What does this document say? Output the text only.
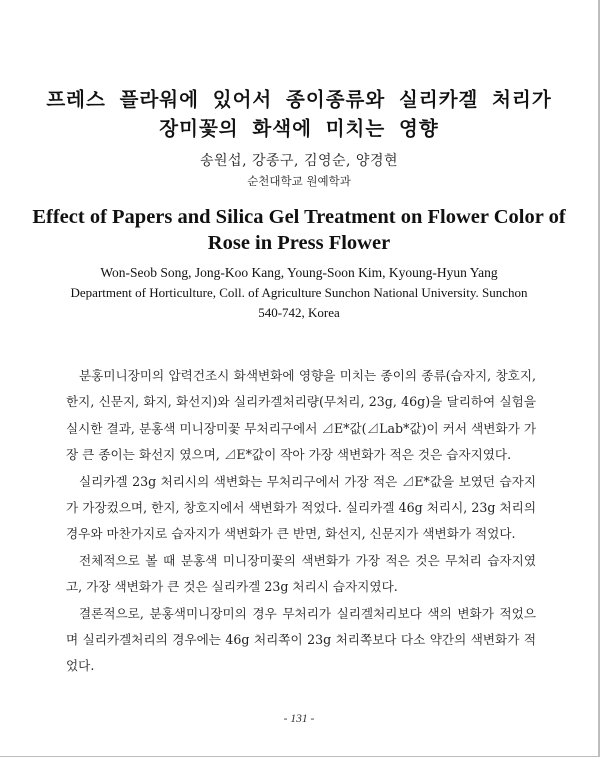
프레스 플라워에 있어서 종이종류와 실리카겔 처리가
장미꽃의 화색에 미치는 영향
송원섭, 강종구, 김영순, 양경현
순천대학교 원예학과
Effect of Papers and Silica Gel Treatment on Flower Color of
Rose in Press Flower
Won-Seob Song, Jong-Koo Kang, Young-Soon Kim, Kyoung-Hyun Yang
Department of Horticulture, Coll. of Agriculture Sunchon National University. Sunchon 540-742, Korea

분홍미니장미의 압력건조시 화색변화에 영향을 미치는 종이의 종류(습자지, 창호지, 한지, 신문지, 화지, 화선지)와 실리카겔처리량(무처리, 23g, 46g)을 달리하여 실험을 실시한 결과, 분홍색 미니장미꽃 무처리구에서 ⊿E*값(⊿Lab*값)이 커서 색변화가 가장 큰 종이는 화선지 였으며, ⊿E*값이 작아 가장 색변화가 적은 것은 습자지였다.

실리카겔 23g 처리시의 색변화는 무처리구에서 가장 적은 ⊿E*값을 보였던 습자지가 가장컸으며, 한지, 창호지에서 색변화가 적었다. 실리카겔 46g 처리시, 23g 처리의 경우와 마찬가지로 습자지가 색변화가 큰 반면, 화선지, 신문지가 색변화가 적었다.

전체적으로 볼 때 분홍색 미니장미꽃의 색변화가 가장 적은 것은 무처리 습자지였고, 가장 색변화가 큰 것은 실리카겔 23g 처리시 습자지였다.

결론적으로, 분홍색미니장미의 경우 무처리가 실리겔처리보다 색의 변화가 적었으며 실리카겔처리의 경우에는 46g 처리쪽이 23g 처리쪽보다 다소 약간의 색변화가 적었다.

- 131 -
